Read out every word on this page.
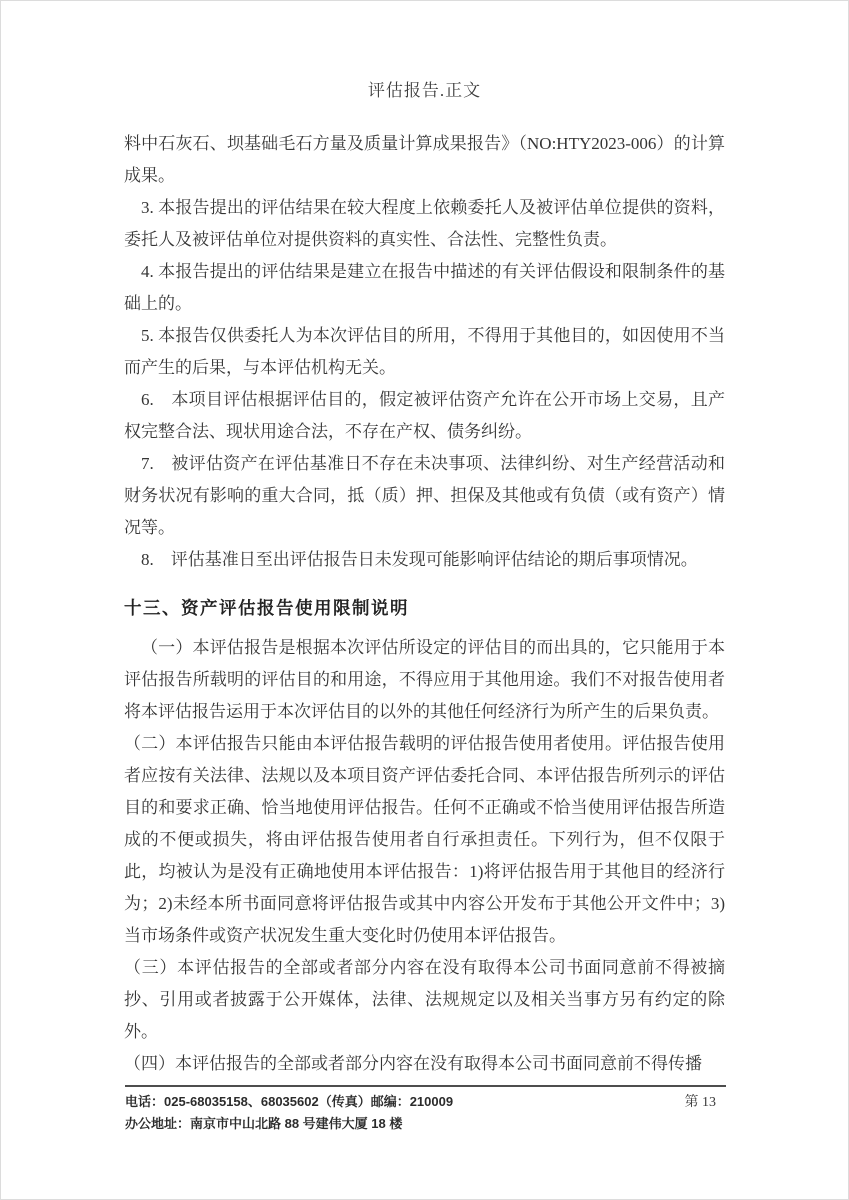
评估报告.正文

料中石灰石、坝基础毛石方量及质量计算成果报告》（NO:HTY2023-006）的计算成果。

3. 本报告提出的评估结果在较大程度上依赖委托人及被评估单位提供的资料，委托人及被评估单位对提供资料的真实性、合法性、完整性负责。

4. 本报告提出的评估结果是建立在报告中描述的有关评估假设和限制条件的基础上的。

5. 本报告仅供委托人为本次评估目的所用，不得用于其他目的，如因使用不当而产生的后果，与本评估机构无关。

6.　本项目评估根据评估目的，假定被评估资产允许在公开市场上交易，且产权完整合法、现状用途合法，不存在产权、债务纠纷。

7.　被评估资产在评估基准日不存在未决事项、法律纠纷、对生产经营活动和财务状况有影响的重大合同，抵（质）押、担保及其他或有负债（或有资产）情况等。

8.　评估基准日至出评估报告日未发现可能影响评估结论的期后事项情况。

十三、资产评估报告使用限制说明

（一）本评估报告是根据本次评估所设定的评估目的而出具的，它只能用于本评估报告所载明的评估目的和用途，不得应用于其他用途。我们不对报告使用者将本评估报告运用于本次评估目的以外的其他任何经济行为所产生的后果负责。

（二）本评估报告只能由本评估报告载明的评估报告使用者使用。评估报告使用者应按有关法律、法规以及本项目资产评估委托合同、本评估报告所列示的评估目的和要求正确、恰当地使用评估报告。任何不正确或不恰当使用评估报告所造成的不便或损失，将由评估报告使用者自行承担责任。下列行为，但不仅限于此，均被认为是没有正确地使用本评估报告：1)将评估报告用于其他目的经济行为；2)未经本所书面同意将评估报告或其中内容公开发布于其他公开文件中；3)当市场条件或资产状况发生重大变化时仍使用本评估报告。

（三）本评估报告的全部或者部分内容在没有取得本公司书面同意前不得被摘抄、引用或者披露于公开媒体，法律、法规规定以及相关当事方另有约定的除外。

（四）本评估报告的全部或者部分内容在没有取得本公司书面同意前不得传播

电话：025-68035158、68035602（传真）邮编：210009	第 13
办公地址：南京市中山北路 88 号建伟大厦 18 楼
